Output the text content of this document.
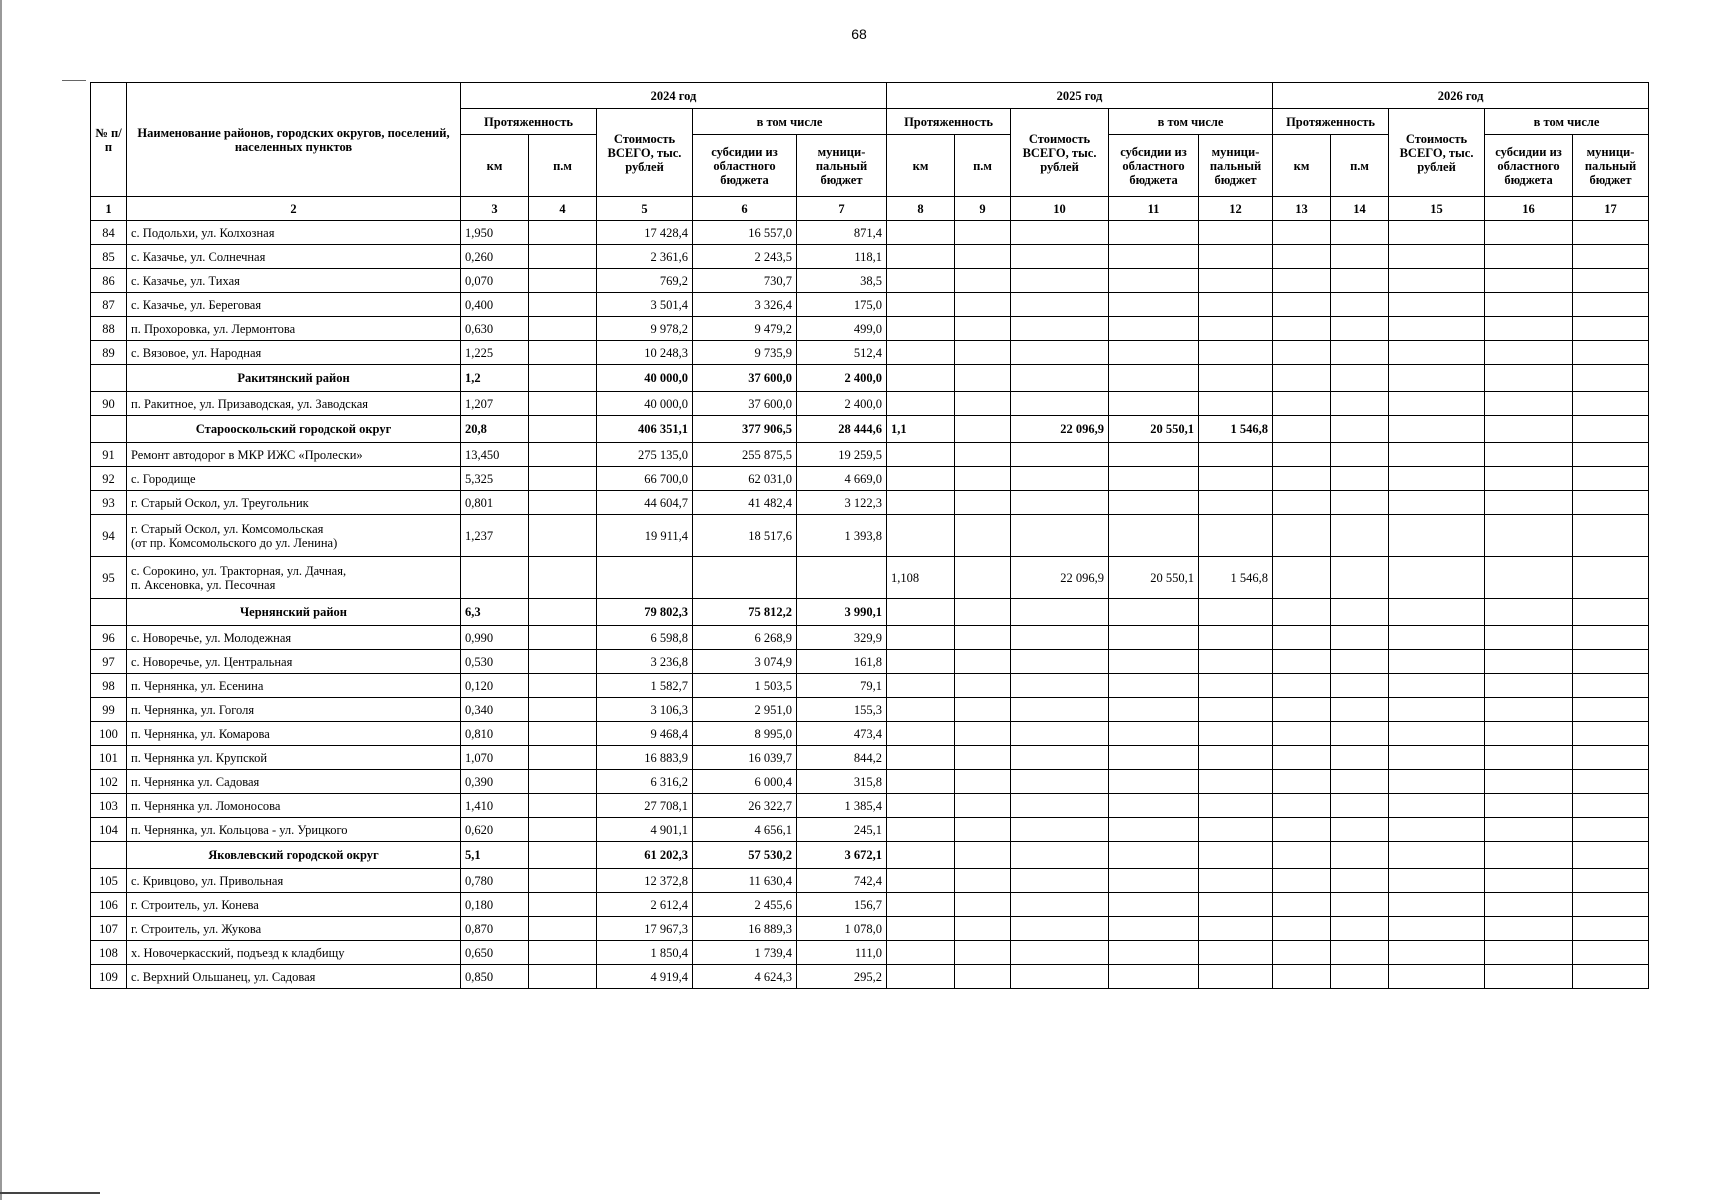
68
№ п/п	Наименование районов, городских округов, поселений, населенных пунктов	2024 год					2025 год					2026 год				
		Протяженность		Стоимость ВСЕГО, тыс. рублей	в том числе		Протяженность		Стоимость ВСЕГО, тыс. рублей	в том числе		Протяженность		Стоимость ВСЕГО, тыс. рублей	в том числе	
		км	п.м		субсидии из областного бюджета	муници-пальный бюджет	км	п.м		субсидии из областного бюджета	муници-пальный бюджет	км	п.м		субсидии из областного бюджета	муници-пальный бюджет
1	2	3	4	5	6	7	8	9	10	11	12	13	14	15	16	17
84	с. Подольхи, ул. Колхозная	1,950		17 428,4	16 557,0	871,4										
85	с. Казачье, ул. Солнечная	0,260		2 361,6	2 243,5	118,1										
86	с. Казачье, ул. Тихая	0,070		769,2	730,7	38,5										
87	с. Казачье, ул. Береговая	0,400		3 501,4	3 326,4	175,0										
88	п. Прохоровка, ул. Лермонтова	0,630		9 978,2	9 479,2	499,0										
89	с. Вязовое, ул. Народная	1,225		10 248,3	9 735,9	512,4										
	Ракитянский район	1,2		40 000,0	37 600,0	2 400,0										
90	п. Ракитное, ул. Призаводская, ул. Заводская	1,207		40 000,0	37 600,0	2 400,0										
	Старооскольский городской округ	20,8		406 351,1	377 906,5	28 444,6	1,1		22 096,9	20 550,1	1 546,8					
91	Ремонт автодорог в МКР ИЖС «Пролески»	13,450		275 135,0	255 875,5	19 259,5										
92	с. Городище	5,325		66 700,0	62 031,0	4 669,0										
93	г. Старый Оскол, ул. Треугольник	0,801		44 604,7	41 482,4	3 122,3										
94	г. Старый Оскол, ул. Комсомольская
(от пр. Комсомольского до ул. Ленина)	1,237		19 911,4	18 517,6	1 393,8										
95	с. Сорокино, ул. Тракторная, ул. Дачная,
п. Аксеновка, ул. Песочная						1,108		22 096,9	20 550,1	1 546,8					
	Чернянский район	6,3		79 802,3	75 812,2	3 990,1										
96	с. Новоречье, ул. Молодежная	0,990		6 598,8	6 268,9	329,9										
97	с. Новоречье, ул. Центральная	0,530		3 236,8	3 074,9	161,8										
98	п. Чернянка, ул. Есенина	0,120		1 582,7	1 503,5	79,1										
99	п. Чернянка, ул. Гоголя	0,340		3 106,3	2 951,0	155,3										
100	п. Чернянка, ул. Комарова	0,810		9 468,4	8 995,0	473,4										
101	п. Чернянка ул. Крупской	1,070		16 883,9	16 039,7	844,2										
102	п. Чернянка ул. Садовая	0,390		6 316,2	6 000,4	315,8										
103	п. Чернянка ул. Ломоносова	1,410		27 708,1	26 322,7	1 385,4										
104	п. Чернянка, ул. Кольцова - ул. Урицкого	0,620		4 901,1	4 656,1	245,1										
	Яковлевский городской округ	5,1		61 202,3	57 530,2	3 672,1										
105	с. Кривцово, ул. Привольная	0,780		12 372,8	11 630,4	742,4										
106	г. Строитель, ул. Конева	0,180		2 612,4	2 455,6	156,7										
107	г. Строитель, ул. Жукова	0,870		17 967,3	16 889,3	1 078,0										
108	х. Новочеркасский, подъезд к кладбищу	0,650		1 850,4	1 739,4	111,0										
109	с. Верхний Ольшанец, ул. Садовая	0,850		4 919,4	4 624,3	295,2										
